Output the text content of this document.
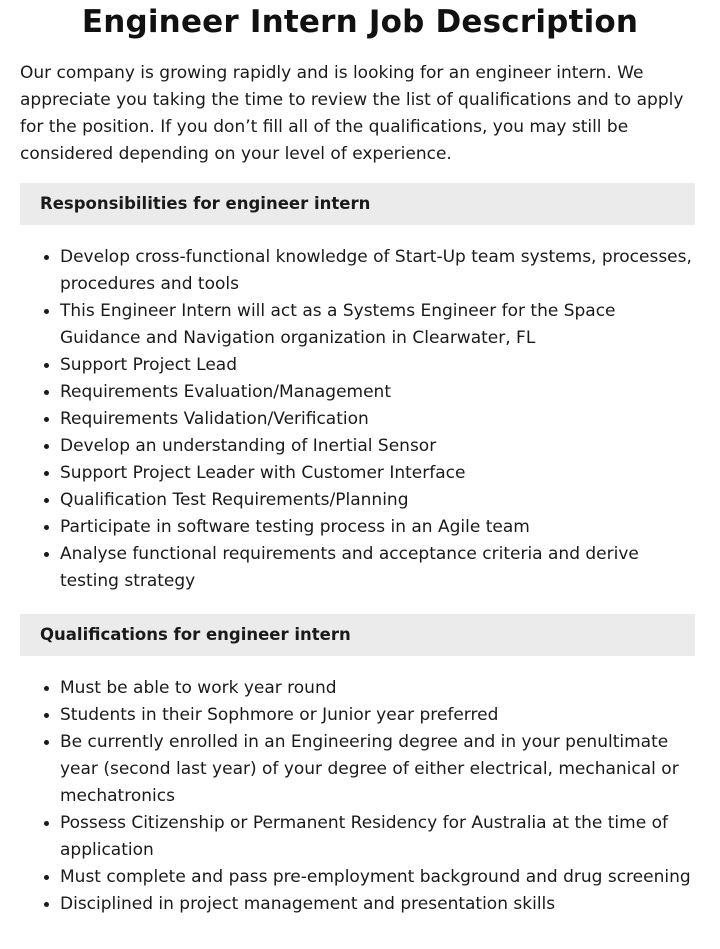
Engineer Intern Job Description

Our company is growing rapidly and is looking for an engineer intern. We appreciate you taking the time to review the list of qualifications and to apply for the position. If you don’t fill all of the qualifications, you may still be considered depending on your level of experience.

Responsibilities for engineer intern
• Develop cross-functional knowledge of Start-Up team systems, processes, procedures and tools
• This Engineer Intern will act as a Systems Engineer for the Space Guidance and Navigation organization in Clearwater, FL
• Support Project Lead
• Requirements Evaluation/Management
• Requirements Validation/Verification
• Develop an understanding of Inertial Sensor
• Support Project Leader with Customer Interface
• Qualification Test Requirements/Planning
• Participate in software testing process in an Agile team
• Analyse functional requirements and acceptance criteria and derive testing strategy
Qualifications for engineer intern
• Must be able to work year round
• Students in their Sophmore or Junior year preferred
• Be currently enrolled in an Engineering degree and in your penultimate year (second last year) of your degree of either electrical, mechanical or mechatronics
• Possess Citizenship or Permanent Residency for Australia at the time of application
• Must complete and pass pre-employment background and drug screening
• Disciplined in project management and presentation skills
